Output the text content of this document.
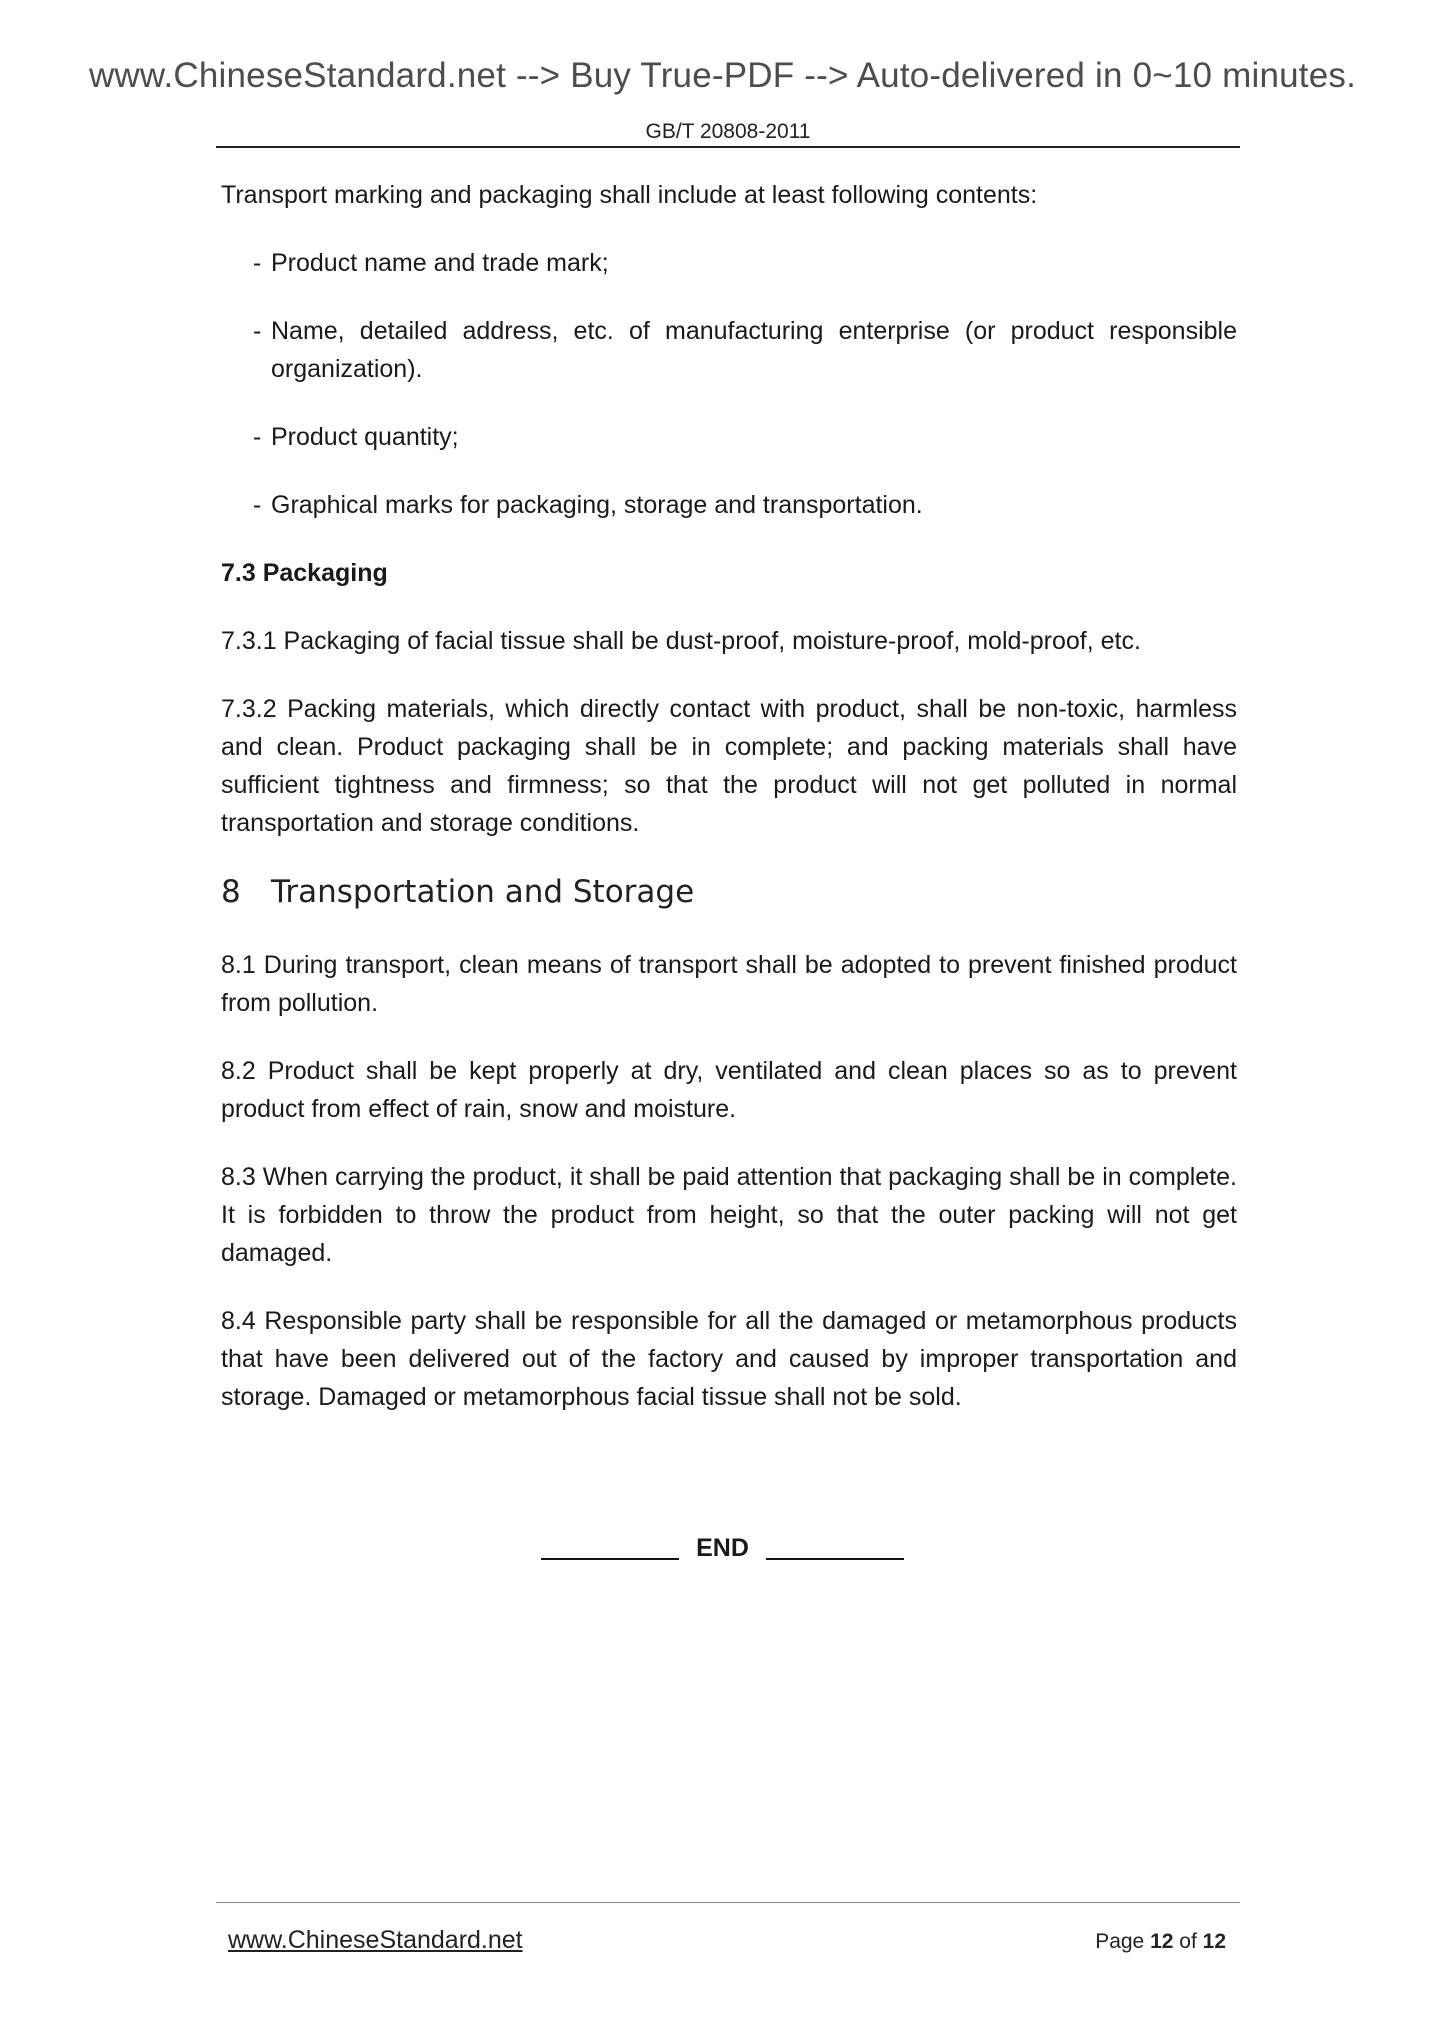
www.ChineseStandard.net --> Buy True-PDF --> Auto-delivered in 0~10 minutes.
GB/T 20808-2011

Transport marking and packaging shall include at least following contents:

- Product name and trade mark;
- Name, detailed address, etc. of manufacturing enterprise (or product responsible organization).
- Product quantity;
- Graphical marks for packaging, storage and transportation.
7.3 Packaging

7.3.1 Packaging of facial tissue shall be dust-proof, moisture-proof, mold-proof, etc.

7.3.2 Packing materials, which directly contact with product, shall be non-toxic, harmless and clean. Product packaging shall be in complete; and packing materials shall have sufficient tightness and firmness; so that the product will not get polluted in normal transportation and storage conditions.

8 Transportation and Storage

8.1 During transport, clean means of transport shall be adopted to prevent finished product from pollution.

8.2 Product shall be kept properly at dry, ventilated and clean places so as to prevent product from effect of rain, snow and moisture.

8.3 When carrying the product, it shall be paid attention that packaging shall be in complete. It is forbidden to throw the product from height, so that the outer packing will not get damaged.

8.4 Responsible party shall be responsible for all the damaged or metamorphous products that have been delivered out of the factory and caused by improper transportation and storage. Damaged or metamorphous facial tissue shall not be sold.

END
www.ChineseStandard.net	Page 12 of 12
